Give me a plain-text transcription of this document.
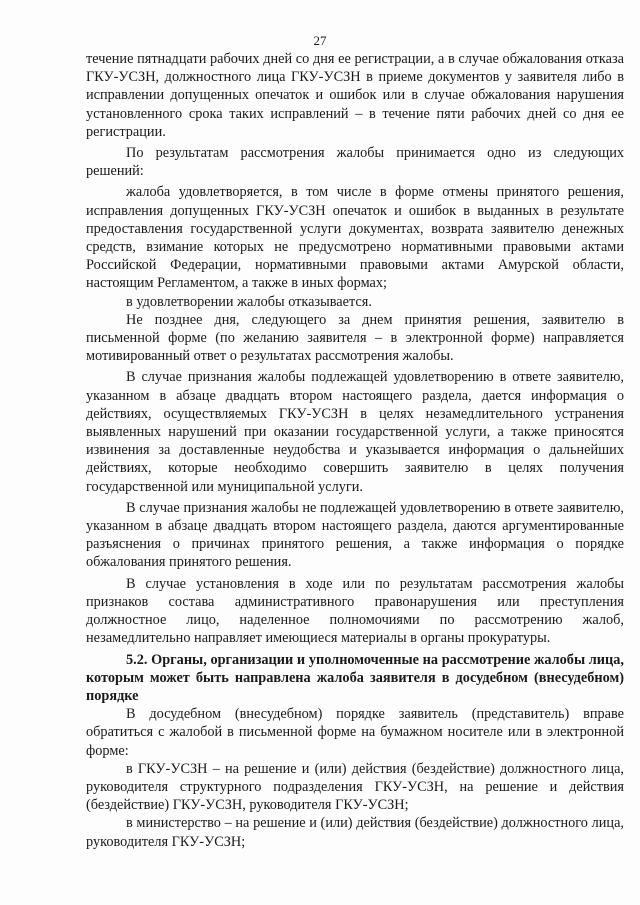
27

течение пятнадцати рабочих дней со дня ее регистрации, а в случае обжалования отказа ГКУ-УСЗН, должностного лица ГКУ-УСЗН в приеме документов у заявителя либо в исправлении допущенных опечаток и ошибок или в случае обжалования нарушения установленного срока таких исправлений – в течение пяти рабочих дней со дня ее регистрации.

По результатам рассмотрения жалобы принимается одно из следующих решений:

жалоба удовлетворяется, в том числе в форме отмены принятого решения, исправления допущенных ГКУ-УСЗН опечаток и ошибок в выданных в результате предоставления государственной услуги документах, возврата заявителю денежных средств, взимание которых не предусмотрено нормативными правовыми актами Российской Федерации, нормативными правовыми актами Амурской области, настоящим Регламентом, а также в иных формах;

в удовлетворении жалобы отказывается.

Не позднее дня, следующего за днем принятия решения, заявителю в письменной форме (по желанию заявителя – в электронной форме) направляется мотивированный ответ о результатах рассмотрения жалобы.

В случае признания жалобы подлежащей удовлетворению в ответе заявителю, указанном в абзаце двадцать втором настоящего раздела, дается информация о действиях, осуществляемых ГКУ-УСЗН в целях незамедлительного устранения выявленных нарушений при оказании государственной услуги, а также приносятся извинения за доставленные неудобства и указывается информация о дальнейших действиях, которые необходимо совершить заявителю в целях получения государственной или муниципальной услуги.

В случае признания жалобы не подлежащей удовлетворению в ответе заявителю, указанном в абзаце двадцать втором настоящего раздела, даются аргументированные разъяснения о причинах принятого решения, а также информация о порядке обжалования принятого решения.

В случае установления в ходе или по результатам рассмотрения жалобы признаков состава административного правонарушения или преступления должностное лицо, наделенное полномочиями по рассмотрению жалоб, незамедлительно направляет имеющиеся материалы в органы прокуратуры.

5.2. Органы, организации и уполномоченные на рассмотрение жалобы лица, которым может быть направлена жалоба заявителя в досудебном (внесудебном) порядке

В досудебном (внесудебном) порядке заявитель (представитель) вправе обратиться с жалобой в письменной форме на бумажном носителе или в электронной форме:

в ГКУ-УСЗН – на решение и (или) действия (бездействие) должностного лица, руководителя структурного подразделения ГКУ-УСЗН, на решение и действия (бездействие) ГКУ-УСЗН, руководителя ГКУ-УСЗН;

в министерство – на решение и (или) действия (бездействие) должностного лица, руководителя ГКУ-УСЗН;
